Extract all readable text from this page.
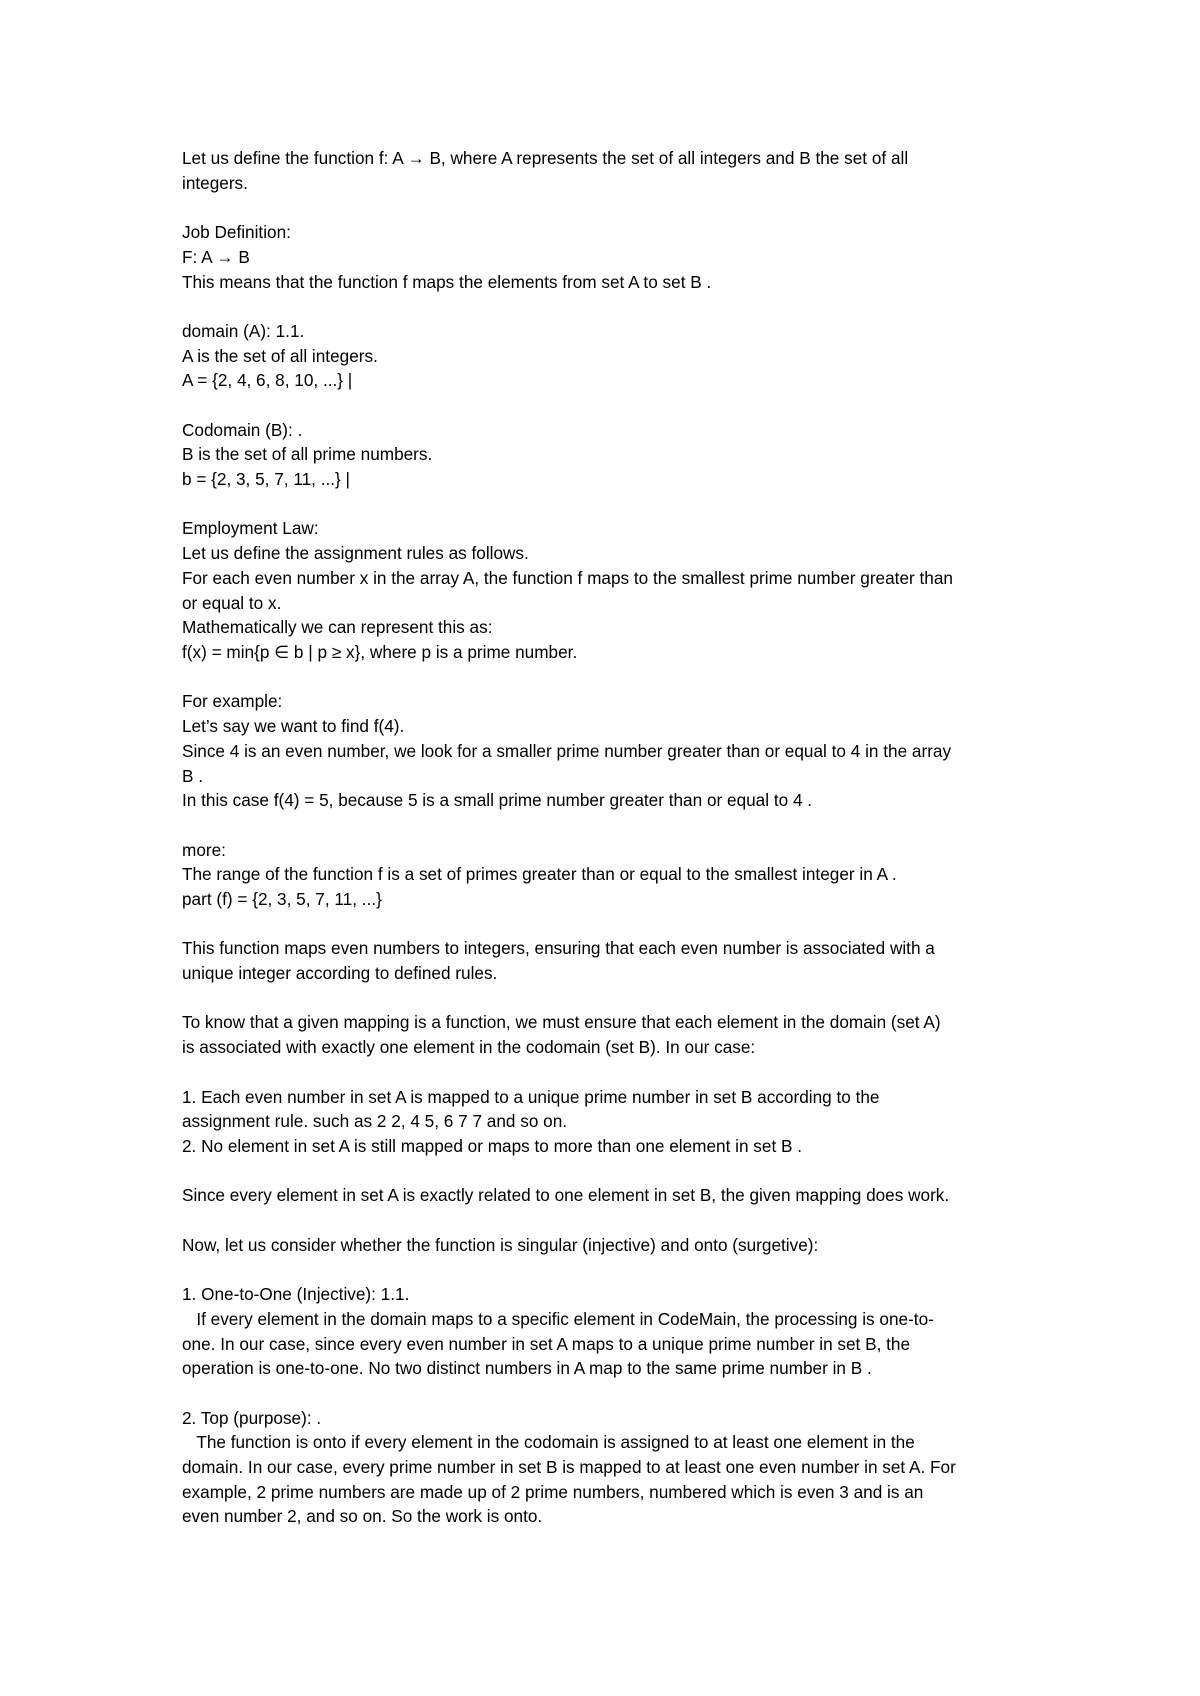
Let us define the function f: A → B, where A represents the set of all integers and B the set of all
integers.
Job Definition:
F: A → B
This means that the function f maps the elements from set A to set B .
domain (A): 1.1.
A is the set of all integers.
A = {2, 4, 6, 8, 10, ...} |
Codomain (B): .
B is the set of all prime numbers.
b = {2, 3, 5, 7, 11, ...} |
Employment Law:
Let us define the assignment rules as follows.
For each even number x in the array A, the function f maps to the smallest prime number greater than
or equal to x.
Mathematically we can represent this as:
f(x) = min{p ∈ b | p ≥ x}, where p is a prime number.
For example:
Let’s say we want to find f(4).
Since 4 is an even number, we look for a smaller prime number greater than or equal to 4 in the array
B .
In this case f(4) = 5, because 5 is a small prime number greater than or equal to 4 .
more:
The range of the function f is a set of primes greater than or equal to the smallest integer in A .
part (f) = {2, 3, 5, 7, 11, ...}
This function maps even numbers to integers, ensuring that each even number is associated with a
unique integer according to defined rules.
To know that a given mapping is a function, we must ensure that each element in the domain (set A)
is associated with exactly one element in the codomain (set B). In our case:
1. Each even number in set A is mapped to a unique prime number in set B according to the
assignment rule. such as 2 2, 4 5, 6 7 7 and so on.
2. No element in set A is still mapped or maps to more than one element in set B .
Since every element in set A is exactly related to one element in set B, the given mapping does work.
Now, let us consider whether the function is singular (injective) and onto (surgetive):
1. One-to-One (Injective): 1.1.
If every element in the domain maps to a specific element in CodeMain, the processing is one-to-
one. In our case, since every even number in set A maps to a unique prime number in set B, the
operation is one-to-one. No two distinct numbers in A map to the same prime number in B .
2. Top (purpose): .
The function is onto if every element in the codomain is assigned to at least one element in the
domain. In our case, every prime number in set B is mapped to at least one even number in set A. For
example, 2 prime numbers are made up of 2 prime numbers, numbered which is even 3 and is an
even number 2, and so on. So the work is onto.
